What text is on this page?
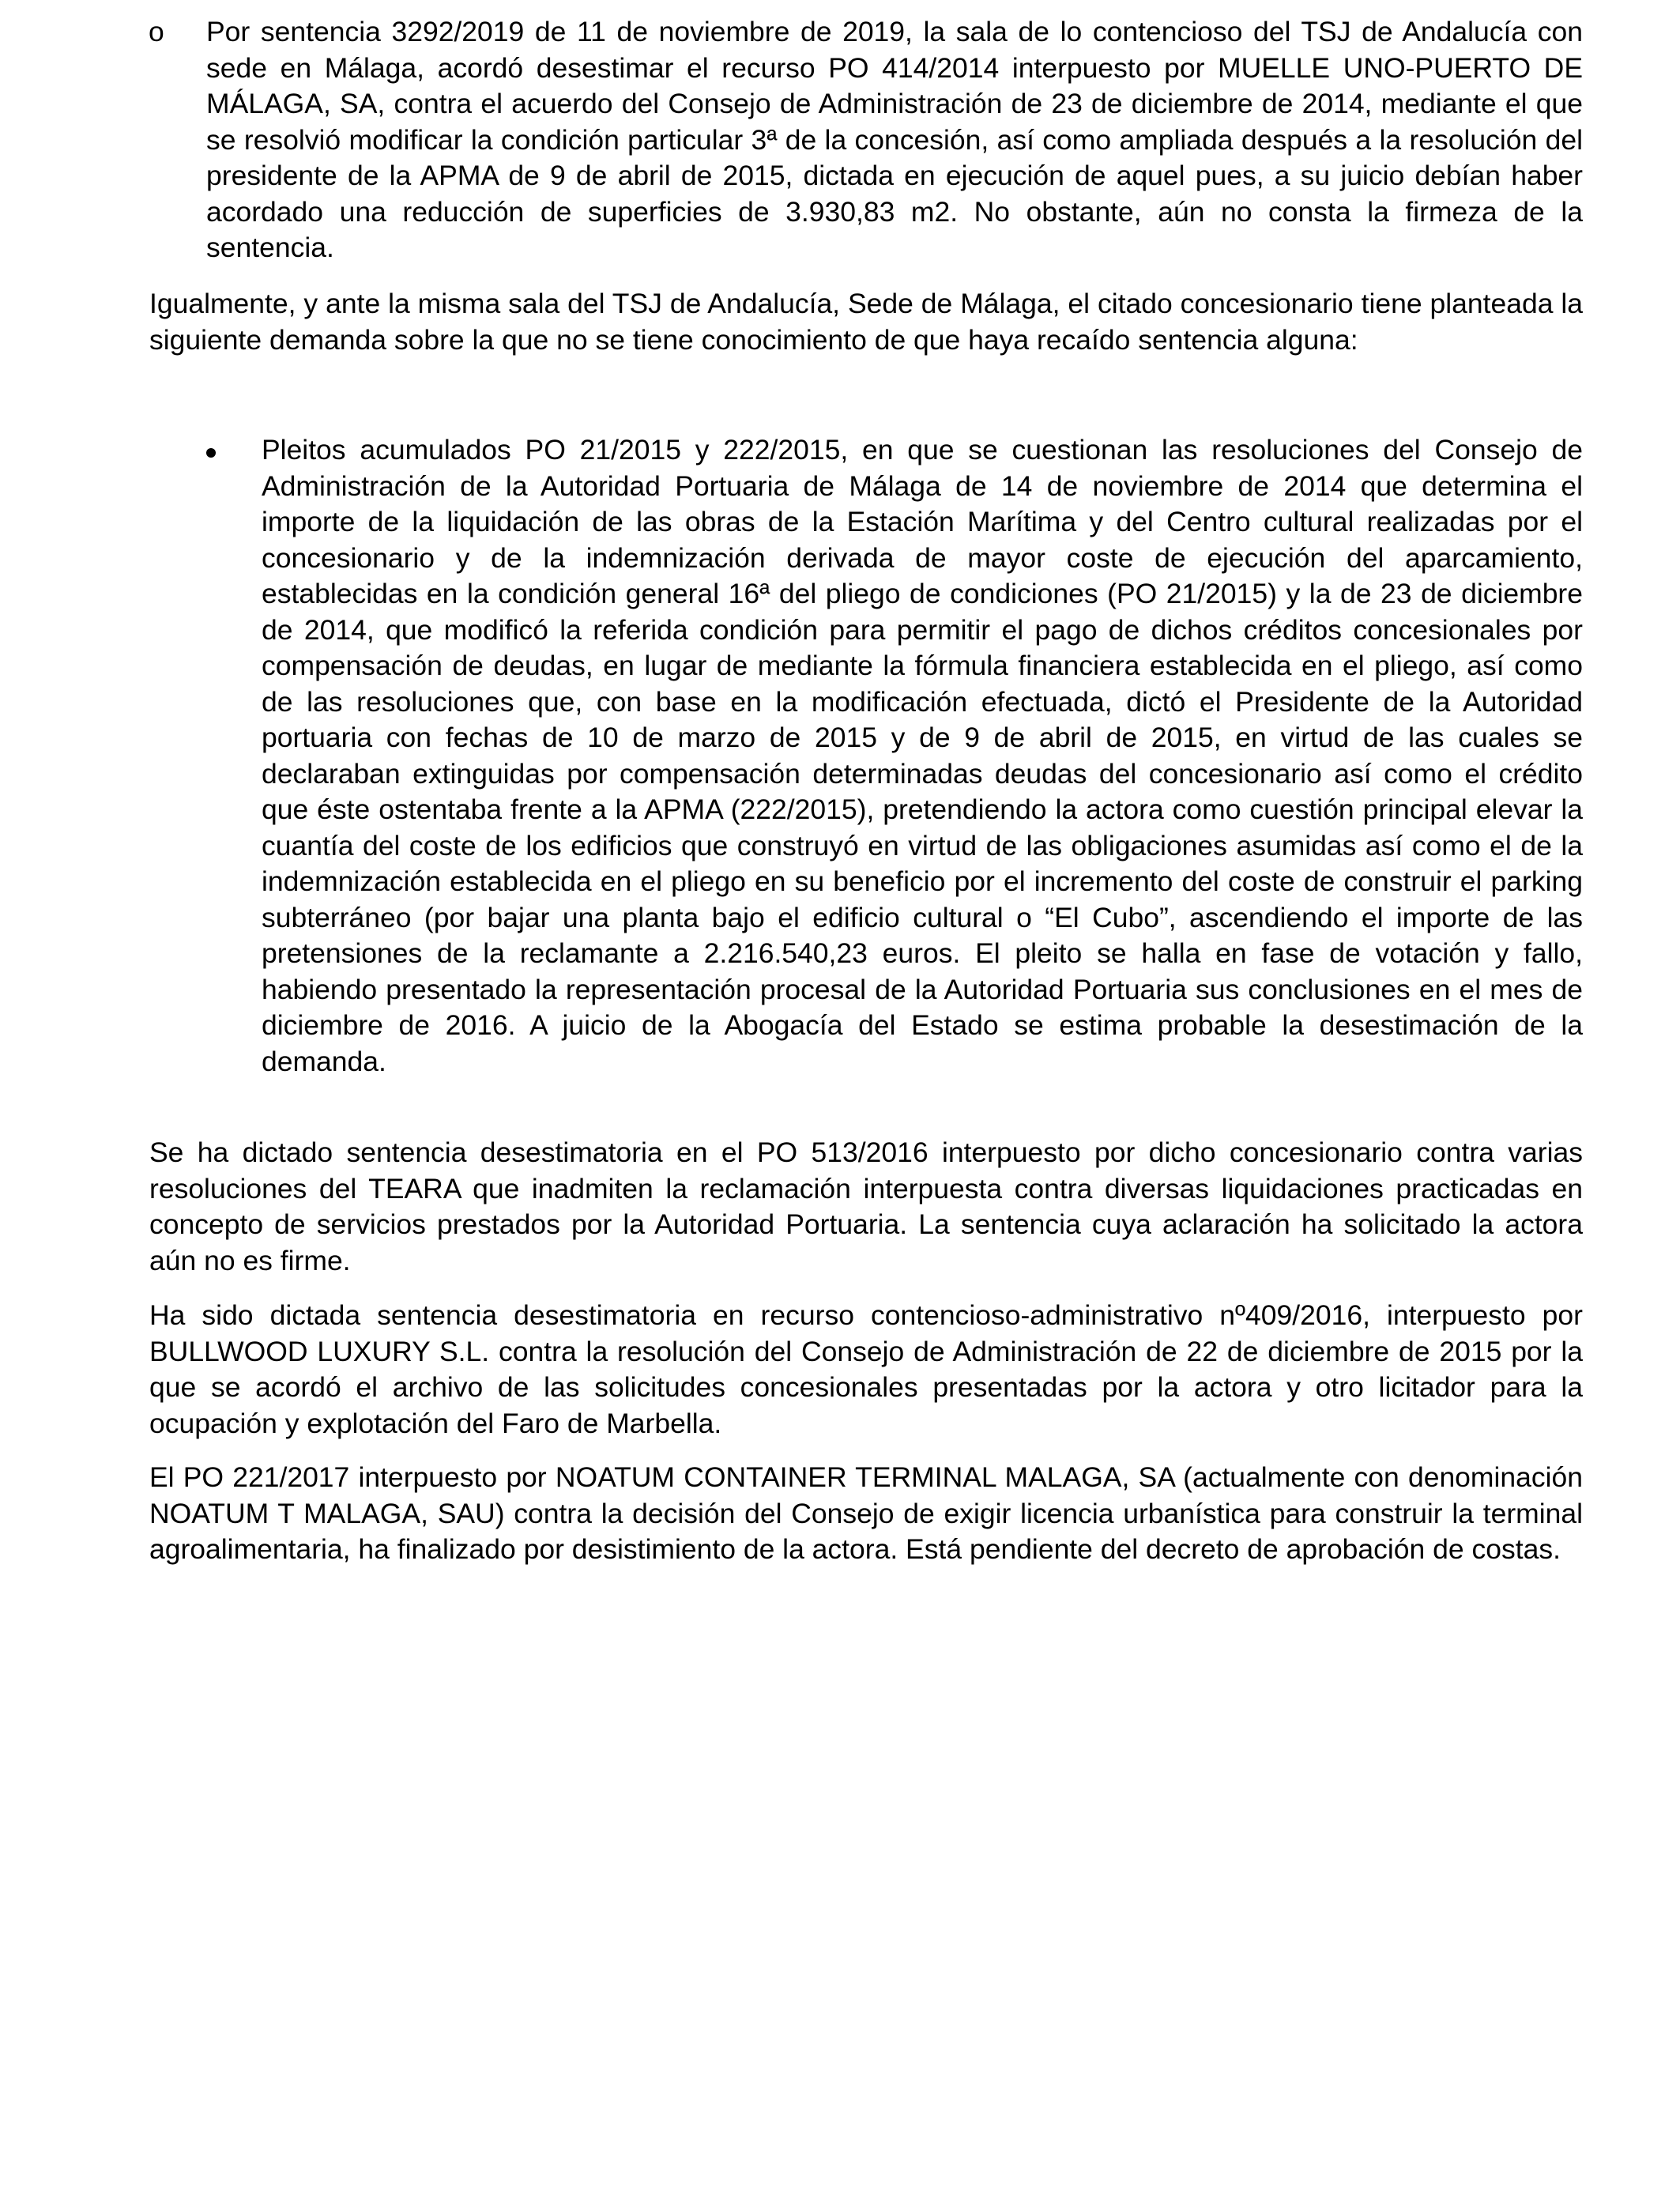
o Por sentencia 3292/2019 de 11 de noviembre de 2019, la sala de lo contencioso del TSJ de Andalucía con sede en Málaga, acordó desestimar el recurso PO 414/2014 interpuesto por MUELLE UNO-PUERTO DE MÁLAGA, SA, contra el acuerdo del Consejo de Administración de 23 de diciembre de 2014, mediante el que se resolvió modificar la condición particular 3ª de la concesión, así como ampliada después a la resolución del presidente de la APMA de 9 de abril de 2015, dictada en ejecución de aquel pues, a su juicio debían haber acordado una reducción de superficies de 3.930,83 m2. No obstante, aún no consta la firmeza de la sentencia.

Igualmente, y ante la misma sala del TSJ de Andalucía, Sede de Málaga, el citado concesionario tiene planteada la siguiente demanda sobre la que no se tiene conocimiento de que haya recaído sentencia alguna:

Pleitos acumulados PO 21/2015 y 222/2015, en que se cuestionan las resoluciones del Consejo de Administración de la Autoridad Portuaria de Málaga de 14 de noviembre de 2014 que determina el importe de la liquidación de las obras de la Estación Marítima y del Centro cultural realizadas por el concesionario y de la indemnización derivada de mayor coste de ejecución del aparcamiento, establecidas en la condición general 16ª del pliego de condiciones (PO 21/2015) y la de 23 de diciembre de 2014, que modificó la referida condición para permitir el pago de dichos créditos concesionales por compensación de deudas, en lugar de mediante la fórmula financiera establecida en el pliego, así como de las resoluciones que, con base en la modificación efectuada, dictó el Presidente de la Autoridad portuaria con fechas de 10 de marzo de 2015 y de 9 de abril de 2015, en virtud de las cuales se declaraban extinguidas por compensación determinadas deudas del concesionario así como el crédito que éste ostentaba frente a la APMA (222/2015), pretendiendo la actora como cuestión principal elevar la cuantía del coste de los edificios que construyó en virtud de las obligaciones asumidas así como el de la indemnización establecida en el pliego en su beneficio por el incremento del coste de construir el parking subterráneo (por bajar una planta bajo el edificio cultural o “El Cubo”, ascendiendo el importe de las pretensiones de la reclamante a 2.216.540,23 euros. El pleito se halla en fase de votación y fallo, habiendo presentado la representación procesal de la Autoridad Portuaria sus conclusiones en el mes de diciembre de 2016. A juicio de la Abogacía del Estado se estima probable la desestimación de la demanda.

Se ha dictado sentencia desestimatoria en el PO 513/2016 interpuesto por dicho concesionario contra varias resoluciones del TEARA que inadmiten la reclamación interpuesta contra diversas liquidaciones practicadas en concepto de servicios prestados por la Autoridad Portuaria. La sentencia cuya aclaración ha solicitado la actora aún no es firme.

Ha sido dictada sentencia desestimatoria en recurso contencioso-administrativo nº409/2016, interpuesto por BULLWOOD LUXURY S.L. contra la resolución del Consejo de Administración de 22 de diciembre de 2015 por la que se acordó el archivo de las solicitudes concesionales presentadas por la actora y otro licitador para la ocupación y explotación del Faro de Marbella.

El PO 221/2017 interpuesto por NOATUM CONTAINER TERMINAL MALAGA, SA (actualmente con denominación NOATUM T MALAGA, SAU) contra la decisión del Consejo de exigir licencia urbanística para construir la terminal agroalimentaria, ha finalizado por desistimiento de la actora. Está pendiente del decreto de aprobación de costas.
